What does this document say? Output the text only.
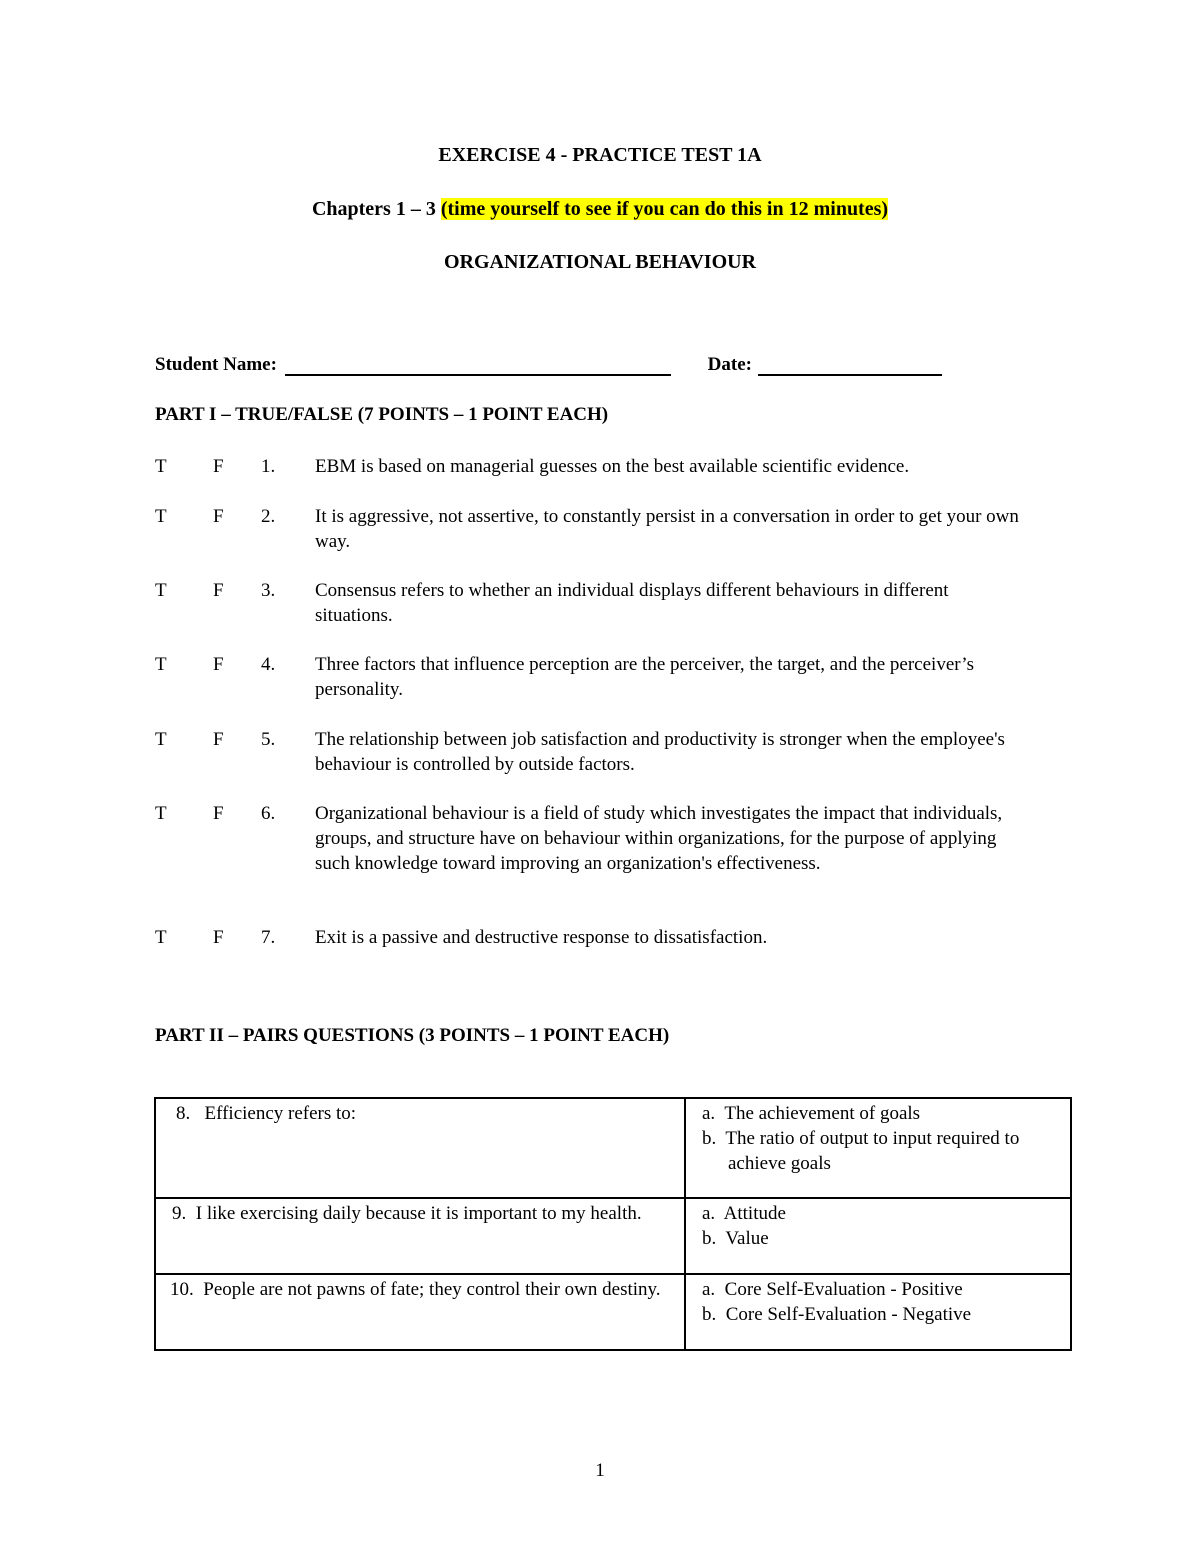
EXERCISE 4 - PRACTICE TEST 1A
Chapters 1 – 3 (time yourself to see if you can do this in 12 minutes)
ORGANIZATIONAL BEHAVIOUR
Student Name:	Date:
PART I – TRUE/FALSE (7 POINTS – 1 POINT EACH)
T F 1. EBM is based on managerial guesses on the best available scientific evidence.
T F 2. It is aggressive, not assertive, to constantly persist in a conversation in order to get your own way.
T F 3. Consensus refers to whether an individual displays different behaviours in different situations.
T F 4. Three factors that influence perception are the perceiver, the target, and the perceiver’s personality.
T F 5. The relationship between job satisfaction and productivity is stronger when the employee's behaviour is controlled by outside factors.
T F 6. Organizational behaviour is a field of study which investigates the impact that individuals, groups, and structure have on behaviour within organizations, for the purpose of applying such knowledge toward improving an organization's effectiveness.
T F 7. Exit is a passive and destructive response to dissatisfaction.
PART II – PAIRS QUESTIONS (3 POINTS – 1 POINT EACH)
8.   Efficiency refers to:	a.  The achievement of goals
b.  The ratio of output to input required to
achieve goals

9.  I like exercising daily because it is important to my health.	a.  Attitude
b.  Value

10.  People are not pawns of fate; they control their own destiny.	a.  Core Self-Evaluation - Positive
b.  Core Self-Evaluation - Negative
1
